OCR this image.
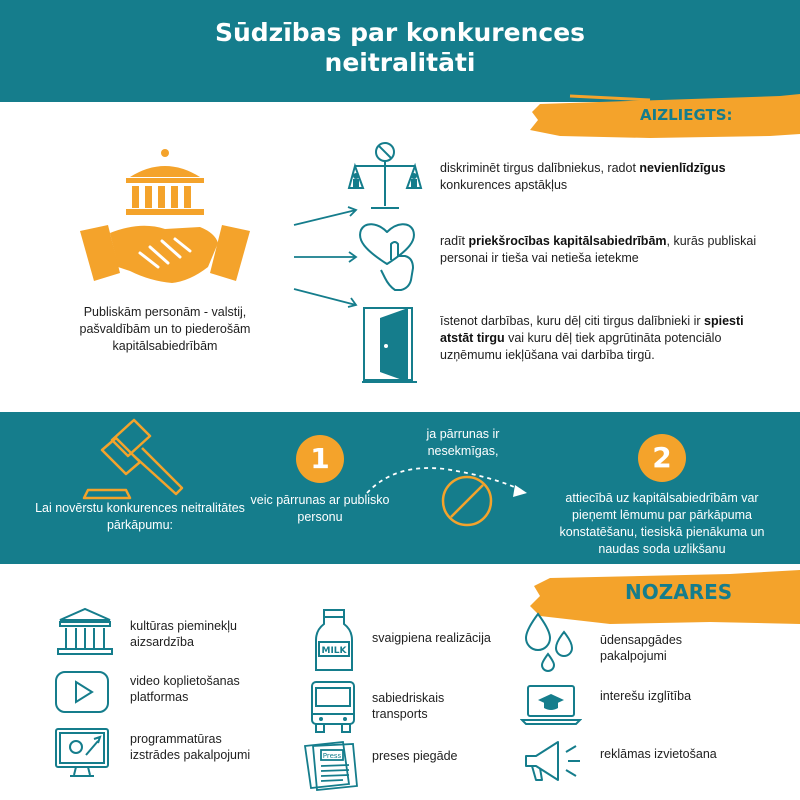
Sūdzības par konkurences
neitralitāti
AIZLIEGTS:
Publiskām personām - valstij, pašvaldībām un to piederošām kapitālsabiedrībām
diskriminēt tirgus dalībniekus, radot nevienlīdzīgus konkurences apstākļus
radīt priekšrocības kapitālsabiedrībām, kurās publiskai personai ir tieša vai netieša ietekme
īstenot darbības, kuru dēļ citi tirgus dalībnieki ir spiesti atstāt tirgu vai kuru dēļ tiek apgrūtināta potenciālo uzņēmumu iekļūšana vai darbība tirgū.
Lai novērstu konkurences neitralitātes pārkāpumu:
1
veic pārrunas ar publisko personu
ja pārrunas ir nesekmīgas,	2
attiecībā uz kapitālsabiedrībām var pieņemt lēmumu par pārkāpuma konstatēšanu, tiesiskā pienākuma un naudas soda uzlikšanu
NOZARES
kultūras pieminekļu aizsardzība
video koplietošanas platformas
programmatūras izstrādes pakalpojumi
MILK
svaigpiena realizācija
sabiedriskais transports
Press preses piegāde
ūdensapgādes pakalpojumi
interešu izglītība
reklāmas izvietošana
